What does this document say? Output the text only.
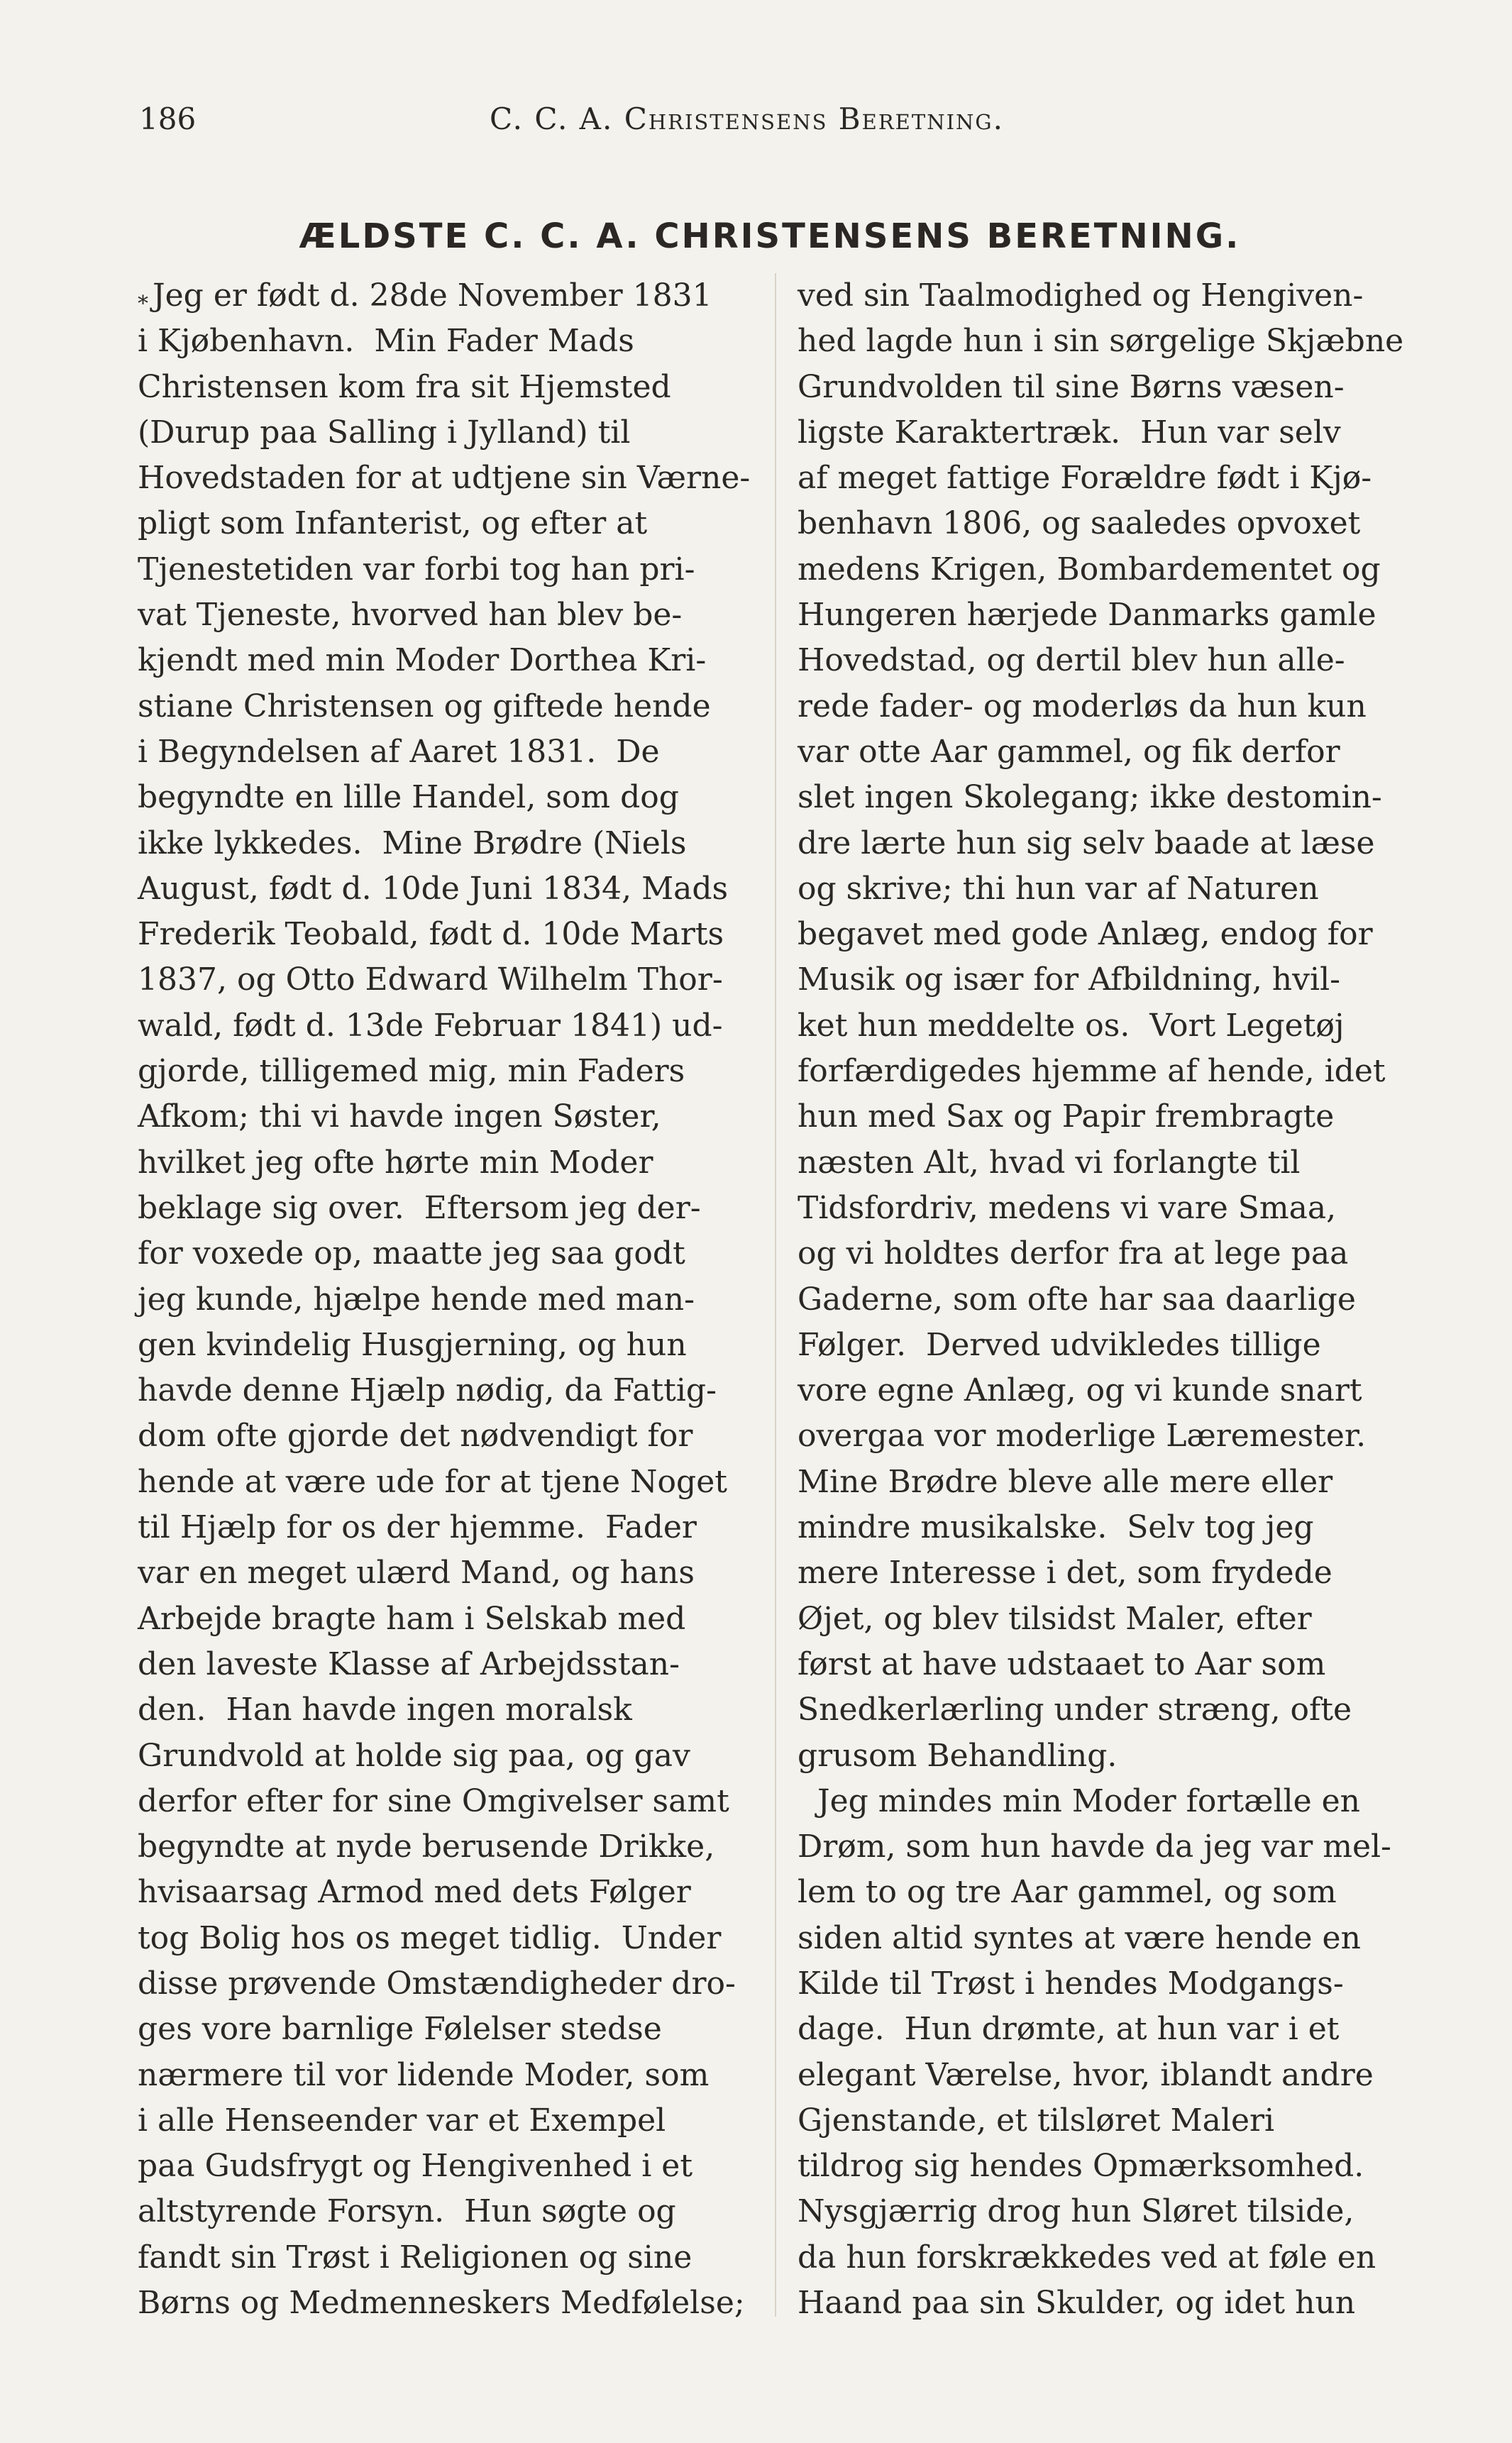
186	C. C. A. Christensens Beretning.
ÆLDSTE C. C. A. CHRISTENSENS BERETNING.
⁎ Jeg er født d. 28de November 1831
i Kjøbenhavn.  Min Fader Mads
Christensen kom fra sit Hjemsted
(Durup paa Salling i Jylland) til
Hovedstaden for at udtjene sin Værne-
pligt som Infanterist, og efter at
Tjenestetiden var forbi tog han pri-
vat Tjeneste, hvorved han blev be-
kjendt med min Moder Dorthea Kri-
stiane Christensen og giftede hende
i Begyndelsen af Aaret 1831.  De
begyndte en lille Handel, som dog
ikke lykkedes.  Mine Brødre (Niels
August, født d. 10de Juni 1834, Mads
Frederik Teobald, født d. 10de Marts
1837, og Otto Edward Wilhelm Thor-
wald, født d. 13de Februar 1841) ud-
gjorde, tilligemed mig, min Faders
Afkom; thi vi havde ingen Søster,
hvilket jeg ofte hørte min Moder
beklage sig over.  Eftersom jeg der-
for voxede op, maatte jeg saa godt
jeg kunde, hjælpe hende med man-
gen kvindelig Husgjerning, og hun
havde denne Hjælp nødig, da Fattig-
dom ofte gjorde det nødvendigt for
hende at være ude for at tjene Noget
til Hjælp for os der hjemme.  Fader
var en meget ulærd Mand, og hans
Arbejde bragte ham i Selskab med
den laveste Klasse af Arbejdsstan-
den.  Han havde ingen moralsk
Grundvold at holde sig paa, og gav
derfor efter for sine Omgivelser samt
begyndte at nyde berusende Drikke,
hvisaarsag Armod med dets Følger
tog Bolig hos os meget tidlig.  Under
disse prøvende Omstændigheder dro-
ges vore barnlige Følelser stedse
nærmere til vor lidende Moder, som
i alle Henseender var et Exempel
paa Gudsfrygt og Hengivenhed i et
altstyrende Forsyn.  Hun søgte og
fandt sin Trøst i Religionen og sine
Børns og Medmenneskers Medfølelse;
ved sin Taalmodighed og Hengiven-
hed lagde hun i sin sørgelige Skjæbne
Grundvolden til sine Børns væsen-
ligste Karaktertræk.  Hun var selv
af meget fattige Forældre født i Kjø-
benhavn 1806, og saaledes opvoxet
medens Krigen, Bombardementet og
Hungeren hærjede Danmarks gamle
Hovedstad, og dertil blev hun alle-
rede fader- og moderløs da hun kun
var otte Aar gammel, og fik derfor
slet ingen Skolegang; ikke destomin-
dre lærte hun sig selv baade at læse
og skrive; thi hun var af Naturen
begavet med gode Anlæg, endog for
Musik og især for Afbildning, hvil-
ket hun meddelte os.  Vort Legetøj
forfærdigedes hjemme af hende, idet
hun med Sax og Papir frembragte
næsten Alt, hvad vi forlangte til
Tidsfordriv, medens vi vare Smaa,
og vi holdtes derfor fra at lege paa
Gaderne, som ofte har saa daarlige
Følger.  Derved udvikledes tillige
vore egne Anlæg, og vi kunde snart
overgaa vor moderlige Læremester.
Mine Brødre bleve alle mere eller
mindre musikalske.  Selv tog jeg
mere Interesse i det, som frydede
Øjet, og blev tilsidst Maler, efter
først at have udstaaet to Aar som
Snedkerlærling under stræng, ofte
grusom Behandling.
Jeg mindes min Moder fortælle en
Drøm, som hun havde da jeg var mel-
lem to og tre Aar gammel, og som
siden altid syntes at være hende en
Kilde til Trøst i hendes Modgangs-
dage.  Hun drømte, at hun var i et
elegant Værelse, hvor, iblandt andre
Gjenstande, et tilsløret Maleri
tildrog sig hendes Opmærksomhed.
Nysgjærrig drog hun Sløret tilside,
da hun forskrækkedes ved at føle en
Haand paa sin Skulder, og idet hun
